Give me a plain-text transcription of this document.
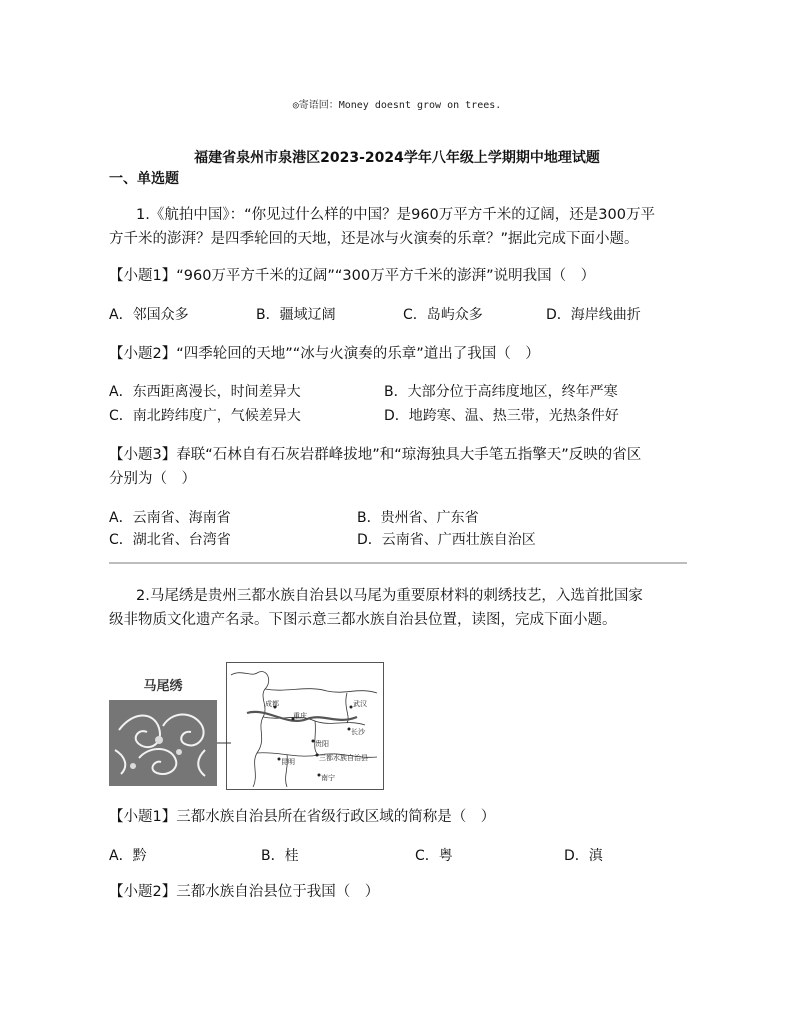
◎寄语回：Money doesnt grow on trees.
福建省泉州市泉港区2023-2024学年八年级上学期期中地理试题
一、单选题
1.《航拍中国》：“你见过什么样的中国？是960万平方千米的辽阔，还是300万平
方千米的澎湃？是四季轮回的天地，还是冰与火演奏的乐章？”据此完成下面小题。
【小题1】“960万平方千米的辽阔”“300万平方千米的澎湃”说明我国（　）
A．邻国众多	B．疆域辽阔	C．岛屿众多	D．海岸线曲折
【小题2】“四季轮回的天地”“冰与火演奏的乐章”道出了我国（　）
A．东西距离漫长，时间差异大	B．大部分位于高纬度地区，终年严寒
C．南北跨纬度广，气候差异大	D．地跨寒、温、热三带，光热条件好
【小题3】春联“石林自有石灰岩群峰拔地”和“琼海独具大手笔五指擎天”反映的省区
分别为（　）
A．云南省、海南省	B．贵州省、广东省
C．湖北省、台湾省	D．云南省、广西壮族自治区
2.马尾绣是贵州三都水族自治县以马尾为重要原材料的刺绣技艺，入选首批国家
级非物质文化遗产名录。下图示意三都水族自治县位置，读图，完成下面小题。
马尾绣
成都
重庆
武汉
长沙
贵阳
三都水族自治县
昆明
南宁
【小题1】三都水族自治县所在省级行政区域的简称是（　）
A．黔	B．桂	C．粤	D．滇
【小题2】三都水族自治县位于我国（　）
